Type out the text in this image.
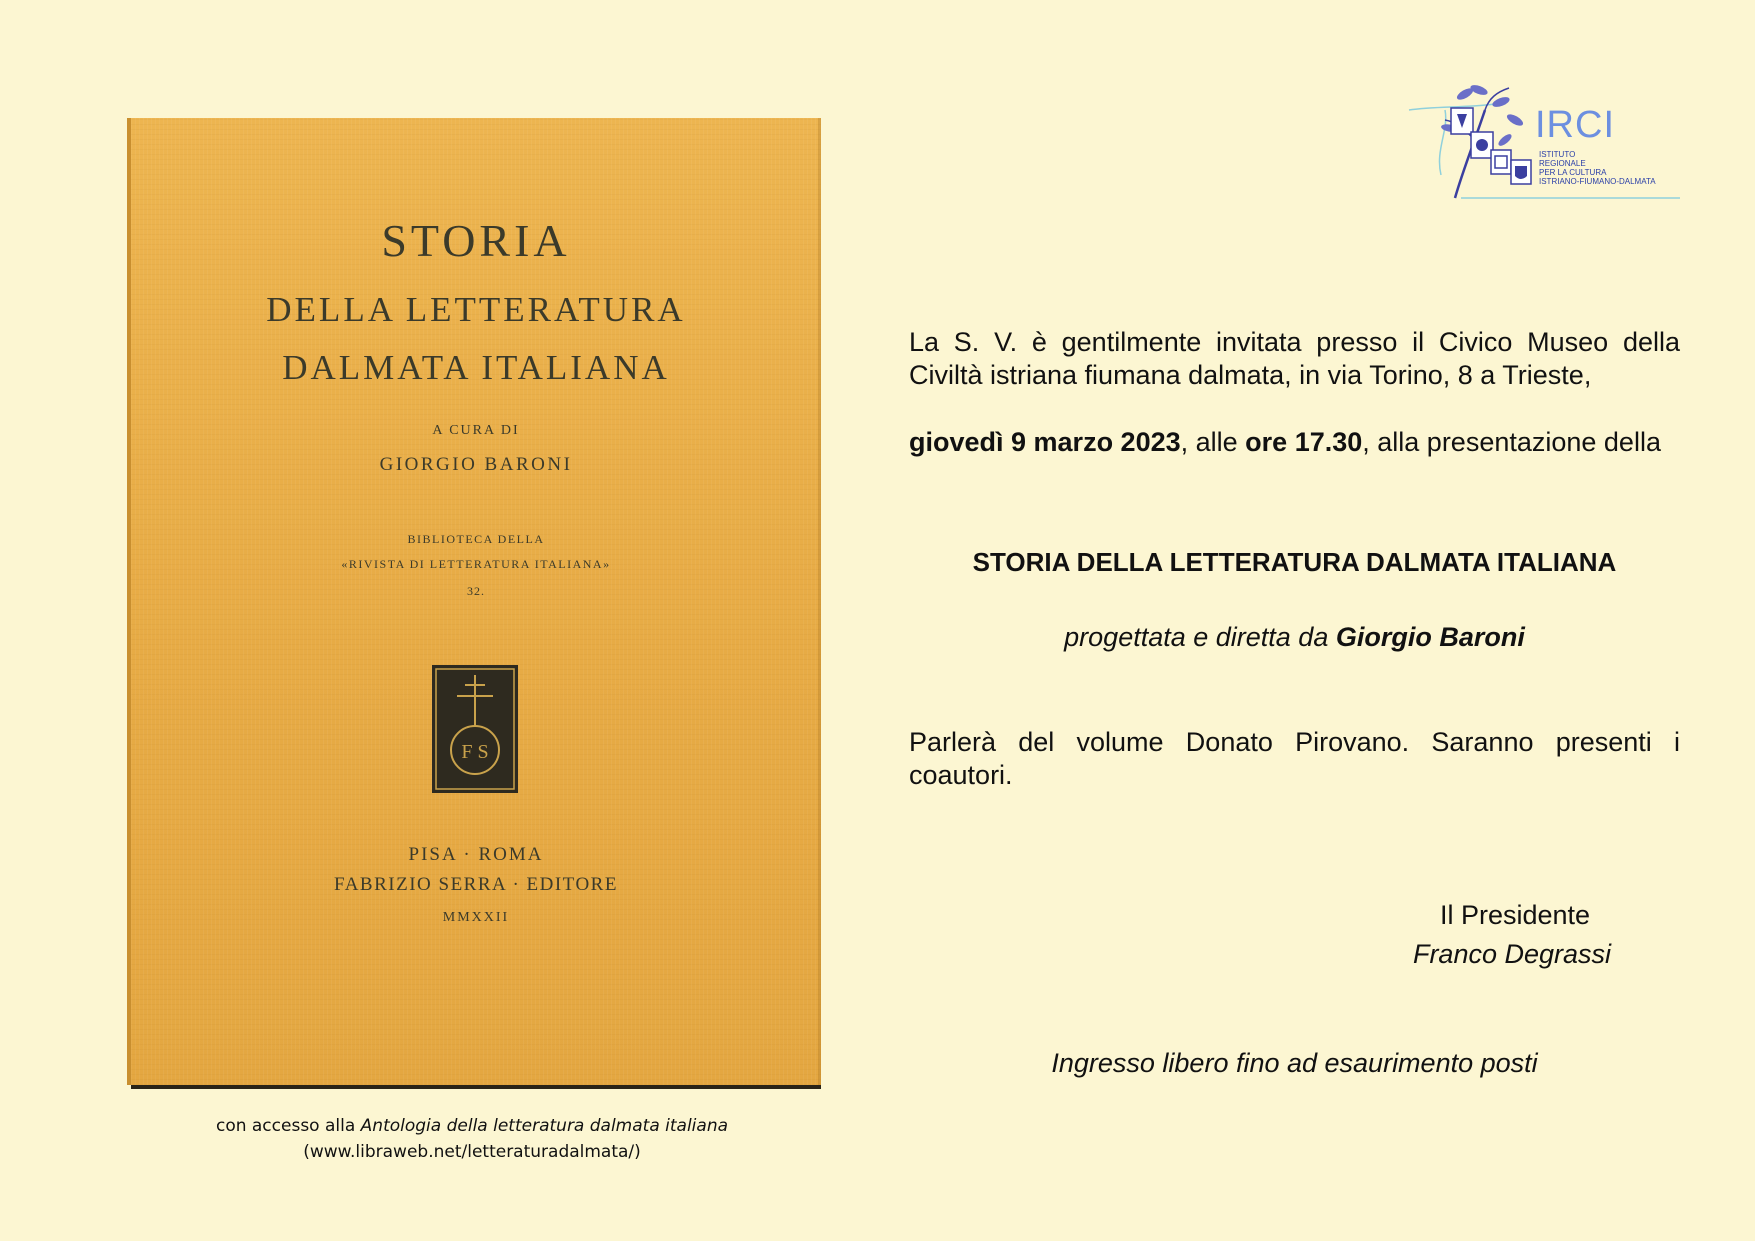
STORIA
DELLA LETTERATURA
DALMATA ITALIANA
A CURA DI
GIORGIO BARONI
BIBLIOTECA DELLA
«RIVISTA DI LETTERATURA ITALIANA»
32.
F S
PISA · ROMA
FABRIZIO SERRA · EDITORE
MMXXII
con accesso alla Antologia della letteratura dalmata italiana
(www.libraweb.net/letteraturadalmata/)
IRCI
ISTITUTO
REGIONALE
PER LA CULTURA
ISTRIANO-FIUMANO-DALMATA
La S. V. è gentilmente invitata presso il Civico Museo della Civiltà istriana fiumana dalmata, in via Torino, 8 a Trieste,
giovedì 9 marzo 2023, alle ore 17.30, alla presentazione della
STORIA DELLA LETTERATURA DALMATA ITALIANA
progettata e diretta da Giorgio Baroni
Parlerà del volume Donato Pirovano. Saranno presenti i coautori.
Il Presidente
Franco Degrassi
Ingresso libero fino ad esaurimento posti
